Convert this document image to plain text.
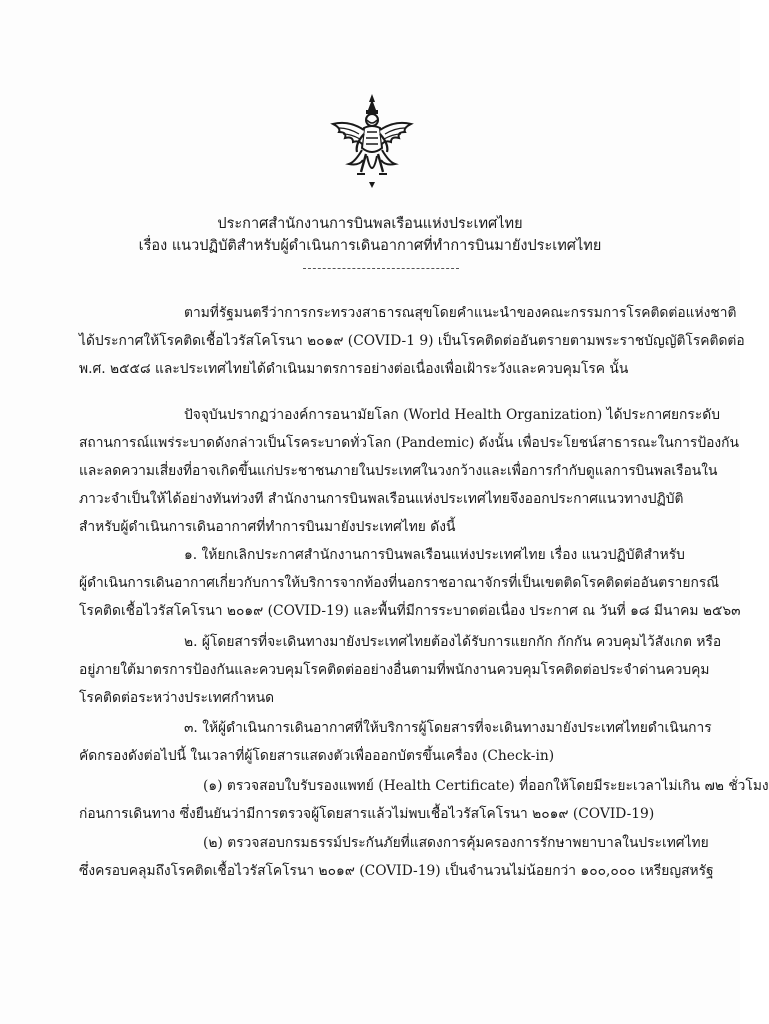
ประกาศสำนักงานการบินพลเรือนแห่งประเทศไทย
เรื่อง แนวปฏิบัติสำหรับผู้ดำเนินการเดินอากาศที่ทำการบินมายังประเทศไทย
ตามที่รัฐมนตรีว่าการกระทรวงสาธารณสุขโดยคำแนะนำของคณะกรรมการโรคติดต่อแห่งชาติ
ได้ประกาศให้โรคติดเชื้อไวรัสโคโรนา ๒๐๑๙ (COVID-1 9) เป็นโรคติดต่ออันตรายตามพระราชบัญญัติโรคติดต่อ
พ.ศ. ๒๕๕๘ และประเทศไทยได้ดำเนินมาตรการอย่างต่อเนื่องเพื่อเฝ้าระวังและควบคุมโรค นั้น
ปัจจุบันปรากฏว่าองค์การอนามัยโลก (World Health Organization) ได้ประกาศยกระดับ
สถานการณ์แพร่ระบาดดังกล่าวเป็นโรคระบาดทั่วโลก (Pandemic) ดังนั้น เพื่อประโยชน์สาธารณะในการป้องกัน
และลดความเสี่ยงที่อาจเกิดขึ้นแก่ประชาชนภายในประเทศในวงกว้างและเพื่อการกำกับดูแลการบินพลเรือนใน
ภาวะจำเป็นให้ได้อย่างทันท่วงที สำนักงานการบินพลเรือนแห่งประเทศไทยจึงออกประกาศแนวทางปฏิบัติ
สำหรับผู้ดำเนินการเดินอากาศที่ทำการบินมายังประเทศไทย ดังนี้
๑. ให้ยกเลิกประกาศสำนักงานการบินพลเรือนแห่งประเทศไทย เรื่อง แนวปฏิบัติสำหรับ
ผู้ดำเนินการเดินอากาศเกี่ยวกับการให้บริการจากท้องที่นอกราชอาณาจักรที่เป็นเขตติดโรคติดต่ออันตรายกรณี
โรคติดเชื้อไวรัสโคโรนา ๒๐๑๙ (COVID-19) และพื้นที่มีการระบาดต่อเนื่อง ประกาศ ณ วันที่ ๑๘ มีนาคม ๒๕๖๓
๒. ผู้โดยสารที่จะเดินทางมายังประเทศไทยต้องได้รับการแยกกัก กักกัน ควบคุมไว้สังเกต หรือ
อยู่ภายใต้มาตรการป้องกันและควบคุมโรคติดต่ออย่างอื่นตามที่พนักงานควบคุมโรคติดต่อประจำด่านควบคุม
โรคติดต่อระหว่างประเทศกำหนด
๓. ให้ผู้ดำเนินการเดินอากาศที่ให้บริการผู้โดยสารที่จะเดินทางมายังประเทศไทยดำเนินการ
คัดกรองดังต่อไปนี้ ในเวลาที่ผู้โดยสารแสดงตัวเพื่อออกบัตรขึ้นเครื่อง (Check-in)
(๑) ตรวจสอบใบรับรองแพทย์ (Health Certificate) ที่ออกให้โดยมีระยะเวลาไม่เกิน ๗๒ ชั่วโมง
ก่อนการเดินทาง ซึ่งยืนยันว่ามีการตรวจผู้โดยสารแล้วไม่พบเชื้อไวรัสโคโรนา ๒๐๑๙ (COVID-19)
(๒) ตรวจสอบกรมธรรม์ประกันภัยที่แสดงการคุ้มครองการรักษาพยาบาลในประเทศไทย
ซึ่งครอบคลุมถึงโรคติดเชื้อไวรัสโคโรนา ๒๐๑๙ (COVID-19) เป็นจำนวนไม่น้อยกว่า ๑๐๐,๐๐๐ เหรียญสหรัฐ
